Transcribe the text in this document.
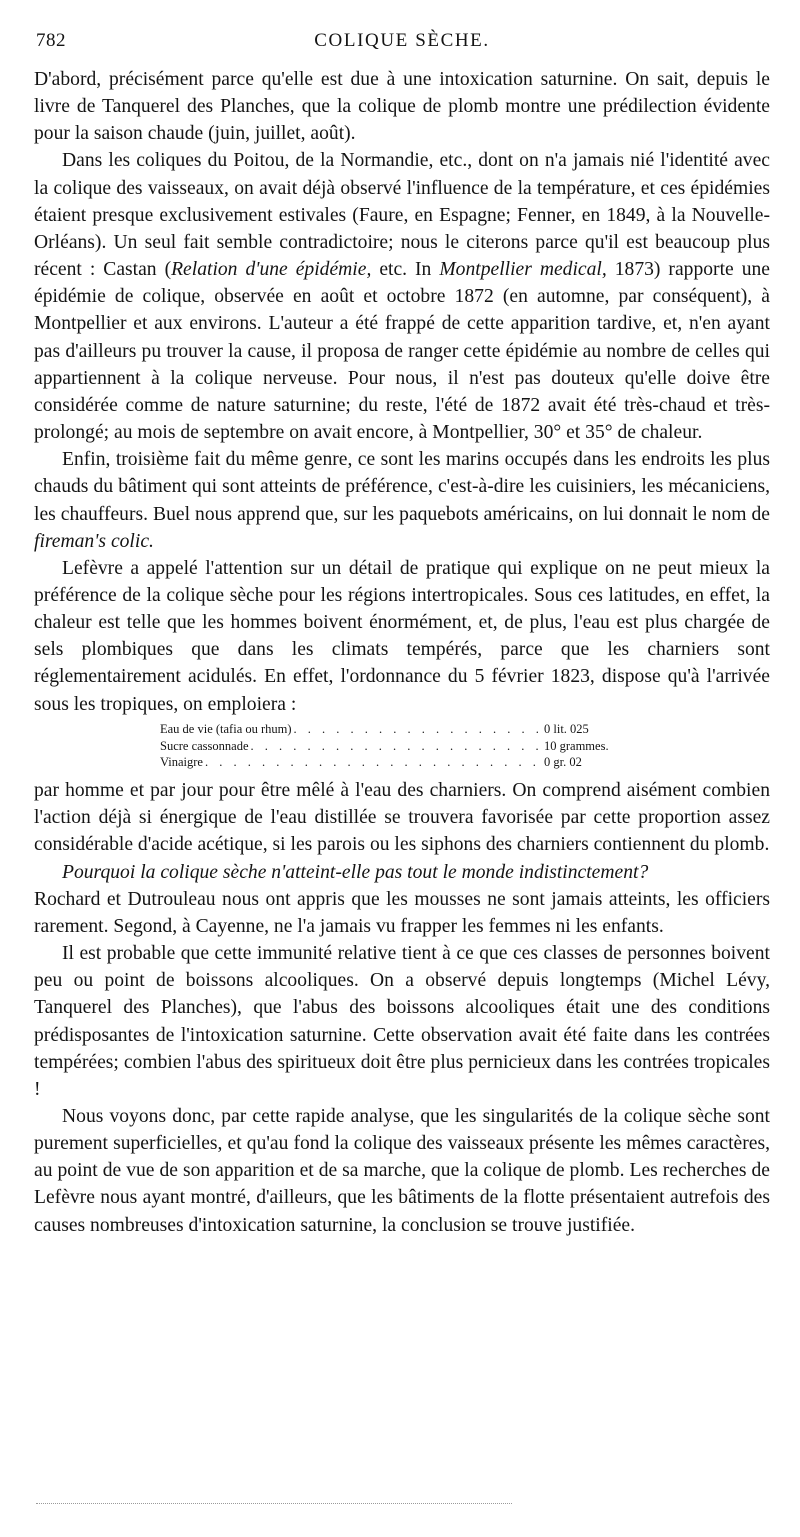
782	COLIQUE SÈCHE.

D'abord, précisément parce qu'elle est due à une intoxication saturnine. On sait, depuis le livre de Tanquerel des Planches, que la colique de plomb montre une prédilection évidente pour la saison chaude (juin, juillet, août).

Dans les coliques du Poitou, de la Normandie, etc., dont on n'a jamais nié l'identité avec la colique des vaisseaux, on avait déjà observé l'influence de la température, et ces épidémies étaient presque exclusivement estivales (Faure, en Espagne; Fenner, en 1849, à la Nouvelle-Orléans). Un seul fait semble contradictoire; nous le citerons parce qu'il est beaucoup plus récent : Castan (Relation d'une épidémie, etc. In Montpellier medical, 1873) rapporte une épidémie de colique, observée en août et octobre 1872 (en automne, par conséquent), à Montpellier et aux environs. L'auteur a été frappé de cette apparition tardive, et, n'en ayant pas d'ailleurs pu trouver la cause, il proposa de ranger cette épidémie au nombre de celles qui appartiennent à la colique nerveuse. Pour nous, il n'est pas douteux qu'elle doive être considérée comme de nature saturnine; du reste, l'été de 1872 avait été très-chaud et très-prolongé; au mois de septembre on avait encore, à Montpellier, 30° et 35° de chaleur.

Enfin, troisième fait du même genre, ce sont les marins occupés dans les endroits les plus chauds du bâtiment qui sont atteints de préférence, c'est-à-dire les cuisiniers, les mécaniciens, les chauffeurs. Buel nous apprend que, sur les paquebots américains, on lui donnait le nom de fireman's colic.

Lefèvre a appelé l'attention sur un détail de pratique qui explique on ne peut mieux la préférence de la colique sèche pour les régions intertropicales. Sous ces latitudes, en effet, la chaleur est telle que les hommes boivent énormément, et, de plus, l'eau est plus chargée de sels plombiques que dans les climats tempérés, parce que les charniers sont réglementairement acidulés. En effet, l'ordonnance du 5 février 1823, dispose qu'à l'arrivée sous les tropiques, on emploiera :

Eau de vie (tafia ou rhum) . . .	0 lit. 025
Sucre cassonnade . . .	10 grammes.
Vinaigre . . .	0 gr. 02

par homme et par jour pour être mêlé à l'eau des charniers. On comprend aisément combien l'action déjà si énergique de l'eau distillée se trouvera favorisée par cette proportion assez considérable d'acide acétique, si les parois ou les siphons des charniers contiennent du plomb.

Pourquoi la colique sèche n'atteint-elle pas tout le monde indistinctement?

Rochard et Dutrouleau nous ont appris que les mousses ne sont jamais atteints, les officiers rarement. Segond, à Cayenne, ne l'a jamais vu frapper les femmes ni les enfants.

Il est probable que cette immunité relative tient à ce que ces classes de personnes boivent peu ou point de boissons alcooliques. On a observé depuis longtemps (Michel Lévy, Tanquerel des Planches), que l'abus des boissons alcooliques était une des conditions prédisposantes de l'intoxication saturnine. Cette observation avait été faite dans les contrées tempérées; combien l'abus des spiritueux doit être plus pernicieux dans les contrées tropicales !

Nous voyons donc, par cette rapide analyse, que les singularités de la colique sèche sont purement superficielles, et qu'au fond la colique des vaisseaux présente les mêmes caractères, au point de vue de son apparition et de sa marche, que la colique de plomb. Les recherches de Lefèvre nous ayant montré, d'ailleurs, que les bâtiments de la flotte présentaient autrefois des causes nombreuses d'intoxication saturnine, la conclusion se trouve justifiée.
